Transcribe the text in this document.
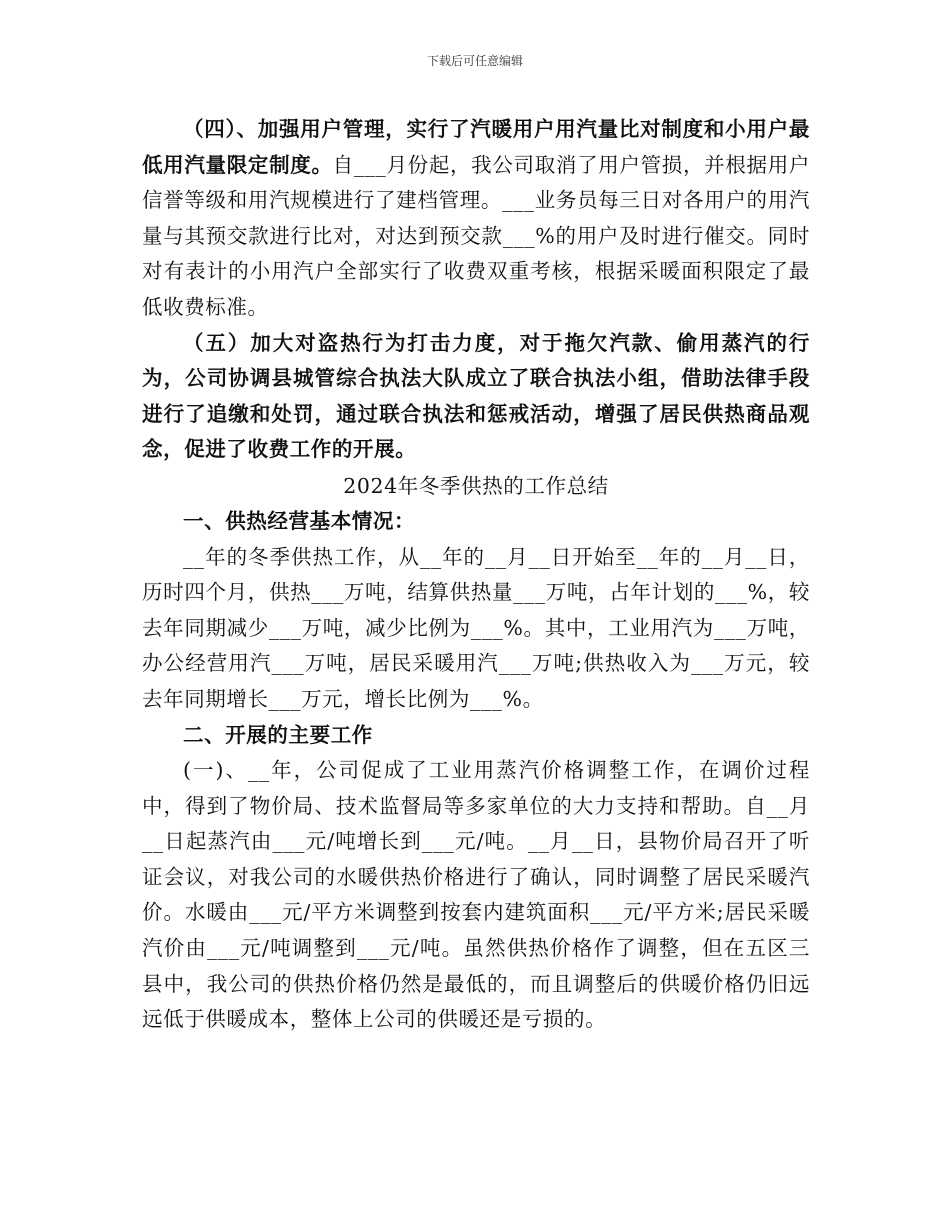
下载后可任意编辑

（四）、加强用户管理，实行了汽暖用户用汽量比对制度和小用户最低用汽量限定制度。自___月份起，我公司取消了用户管损，并根据用户信誉等级和用汽规模进行了建档管理。___业务员每三日对各用户的用汽量与其预交款进行比对，对达到预交款___%的用户及时进行催交。同时对有表计的小用汽户全部实行了收费双重考核，根据采暖面积限定了最低收费标准。

（五）加大对盗热行为打击力度，对于拖欠汽款、偷用蒸汽的行为，公司协调县城管综合执法大队成立了联合执法小组，借助法律手段进行了追缴和处罚，通过联合执法和惩戒活动，增强了居民供热商品观念，促进了收费工作的开展。

2024年冬季供热的工作总结

一、供热经营基本情况：

__年的冬季供热工作，从__年的__月__日开始至__年的__月__日，历时四个月，供热___万吨，结算供热量___万吨，占年计划的___%，较去年同期减少___万吨，减少比例为___%。其中，工业用汽为___万吨，办公经营用汽___万吨，居民采暖用汽___万吨;供热收入为___万元，较去年同期增长___万元，增长比例为___%。

二、开展的主要工作

(一)、__年，公司促成了工业用蒸汽价格调整工作，在调价过程中，得到了物价局、技术监督局等多家单位的大力支持和帮助。自__月__日起蒸汽由___元/吨增长到___元/吨。__月__日，县物价局召开了听证会议，对我公司的水暖供热价格进行了确认，同时调整了居民采暖汽价。水暖由___元/平方米调整到按套内建筑面积___元/平方米;居民采暖汽价由___元/吨调整到___元/吨。虽然供热价格作了调整，但在五区三县中，我公司的供热价格仍然是最低的，而且调整后的供暖价格仍旧远远低于供暖成本，整体上公司的供暖还是亏损的。
